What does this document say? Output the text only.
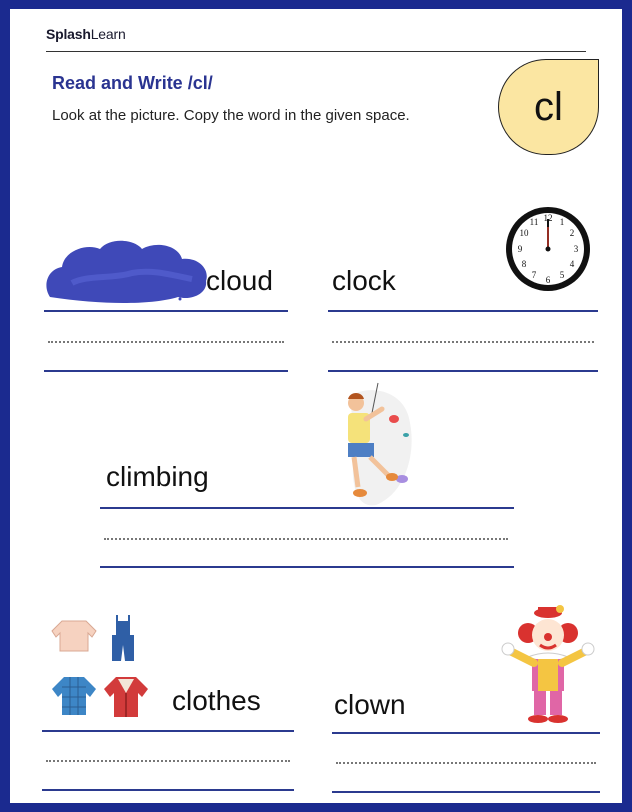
SplashLearn
Read and Write /cl/
Look at the picture. Copy the word in the given space.	cl
cloud clock
12 1
2
3
4
5
6
7
8
9
10
11
climbing
clothes	clown
